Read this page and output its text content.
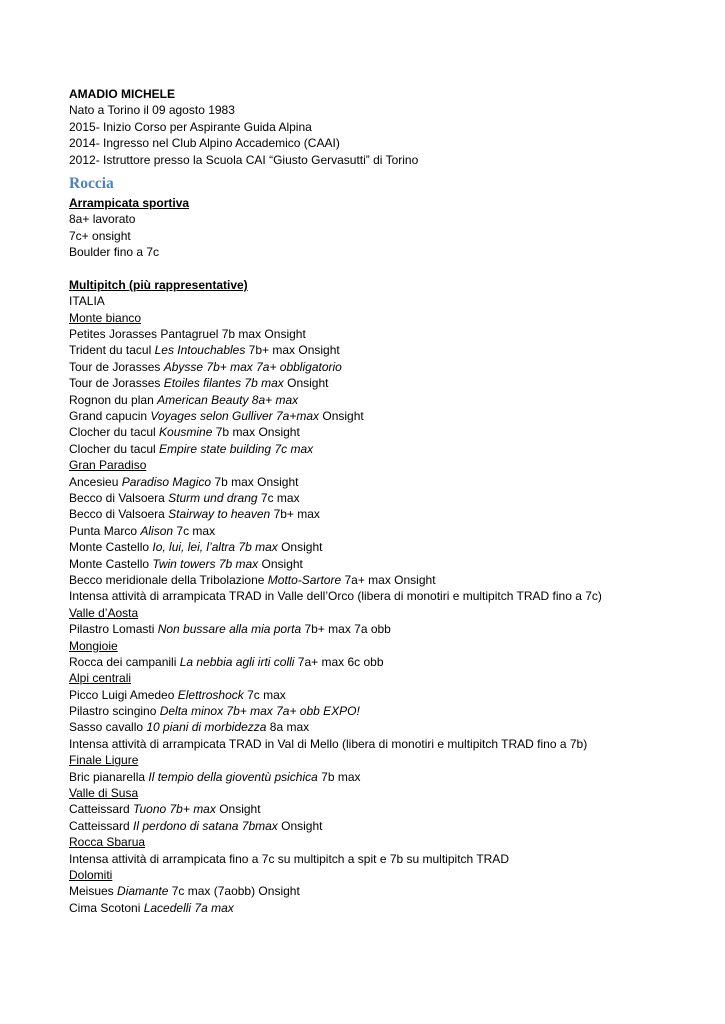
AMADIO MICHELE
Nato a Torino il 09 agosto 1983
2015- Inizio Corso per Aspirante Guida Alpina
2014- Ingresso nel Club Alpino Accademico (CAAI)
2012- Istruttore presso la Scuola CAI “Giusto Gervasutti” di Torino
Roccia
Arrampicata sportiva
8a+ lavorato
7c+ onsight
Boulder fino a 7c
Multipitch (più rappresentative)
ITALIA
Monte bianco
Petites Jorasses Pantagruel 7b max Onsight
Trident du tacul Les Intouchables 7b+ max Onsight
Tour de Jorasses Abysse 7b+ max 7a+ obbligatorio
Tour de Jorasses Etoiles filantes 7b max Onsight
Rognon du plan American Beauty 8a+ max
Grand capucin Voyages selon Gulliver 7a+max Onsight
Clocher du tacul Kousmine 7b max Onsight
Clocher du tacul Empire state building 7c max
Gran Paradiso
Ancesieu Paradiso Magico 7b max Onsight
Becco di Valsoera Sturm und drang 7c max
Becco di Valsoera Stairway to heaven 7b+ max
Punta Marco Alison 7c max
Monte Castello Io, lui, lei, l’altra 7b max Onsight
Monte Castello Twin towers 7b max Onsight
Becco meridionale della Tribolazione Motto-Sartore 7a+ max Onsight
Intensa attività di arrampicata TRAD in Valle dell’Orco (libera di monotiri e multipitch TRAD fino a 7c)
Valle d’Aosta
Pilastro Lomasti Non bussare alla mia porta 7b+ max 7a obb
Mongioie
Rocca dei campanili La nebbia agli irti colli 7a+ max 6c obb
Alpi centrali
Picco Luigi Amedeo Elettroshock 7c max
Pilastro scingino Delta minox 7b+ max 7a+ obb EXPO!
Sasso cavallo 10 piani di morbidezza 8a max
Intensa attività di arrampicata TRAD in Val di Mello (libera di monotiri e multipitch TRAD fino a 7b)
Finale Ligure
Bric pianarella Il tempio della gioventù psichica 7b max
Valle di Susa
Catteissard Tuono 7b+ max Onsight
Catteissard Il perdono di satana 7bmax Onsight
Rocca Sbarua
Intensa attività di arrampicata fino a 7c su multipitch a spit e 7b su multipitch TRAD
Dolomiti
Meisues Diamante 7c max (7aobb) Onsight
Cima Scotoni Lacedelli 7a max
